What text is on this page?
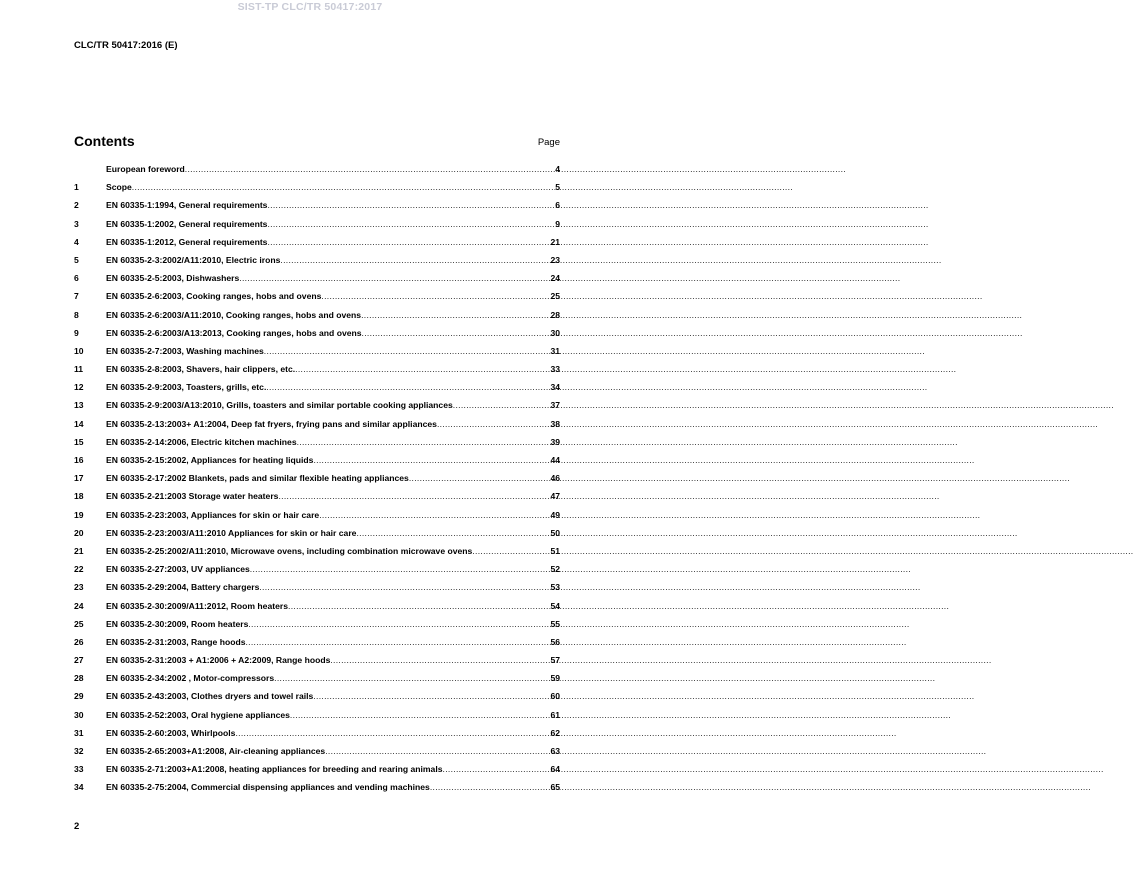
SIST-TP CLC/TR 50417:2017
CLC/TR 50417:2016 (E)
Contents	Page
European foreword .....	4
1	Scope .....	5
2	EN 60335-1:1994, General requirements .....	6
3	EN 60335-1:2002, General requirements .....	9
4	EN 60335-1:2012, General requirements .....	21
5	EN 60335-2-3:2002/A11:2010, Electric irons .....	23
6	EN 60335-2-5:2003, Dishwashers .....	24
7	EN 60335-2-6:2003, Cooking ranges, hobs and ovens .....	25
8	EN 60335-2-6:2003/A11:2010, Cooking ranges, hobs and ovens .....	28
9	EN 60335-2-6:2003/A13:2013, Cooking ranges, hobs and ovens .....	30
10	EN 60335-2-7:2003, Washing machines .....	31
11	EN 60335-2-8:2003, Shavers, hair clippers, etc. .....	33
12	EN 60335-2-9:2003, Toasters, grills, etc. .....	34
13	EN 60335-2-9:2003/A13:2010, Grills, toasters and similar portable cooking appliances .....	37
14	EN 60335-2-13:2003+ A1:2004, Deep fat fryers, frying pans and similar appliances .....	38
15	EN 60335-2-14:2006, Electric kitchen machines .....	39
16	EN 60335-2-15:2002, Appliances for heating liquids .....	44
17	EN 60335-2-17:2002 Blankets, pads and similar flexible heating appliances .....	46
18	EN 60335-2-21:2003 Storage water heaters .....	47
19	EN 60335-2-23:2003, Appliances for skin or hair care .....	49
20	EN 60335-2-23:2003/A11:2010 Appliances for skin or hair care .....	50
21	EN 60335-2-25:2002/A11:2010, Microwave ovens, including combination microwave ovens .....	51
22	EN 60335-2-27:2003, UV appliances .....	52
23	EN 60335-2-29:2004, Battery chargers .....	53
24	EN 60335-2-30:2009/A11:2012, Room heaters .....	54
25	EN 60335-2-30:2009, Room heaters .....	55
26	EN 60335-2-31:2003, Range hoods .....	56
27	EN 60335-2-31:2003 + A1:2006 + A2:2009, Range hoods .....	57
28	EN 60335-2-34:2002 , Motor-compressors .....	59
29	EN 60335-2-43:2003, Clothes dryers and towel rails .....	60
30	EN 60335-2-52:2003, Oral hygiene appliances .....	61
31	EN 60335-2-60:2003, Whirlpools .....	62
32	EN 60335-2-65:2003+A1:2008, Air-cleaning appliances .....	63
33	EN 60335-2-71:2003+A1:2008, heating appliances for breeding and rearing animals .....	64
34	EN 60335-2-75:2004, Commercial dispensing appliances and vending machines .....	65
2
